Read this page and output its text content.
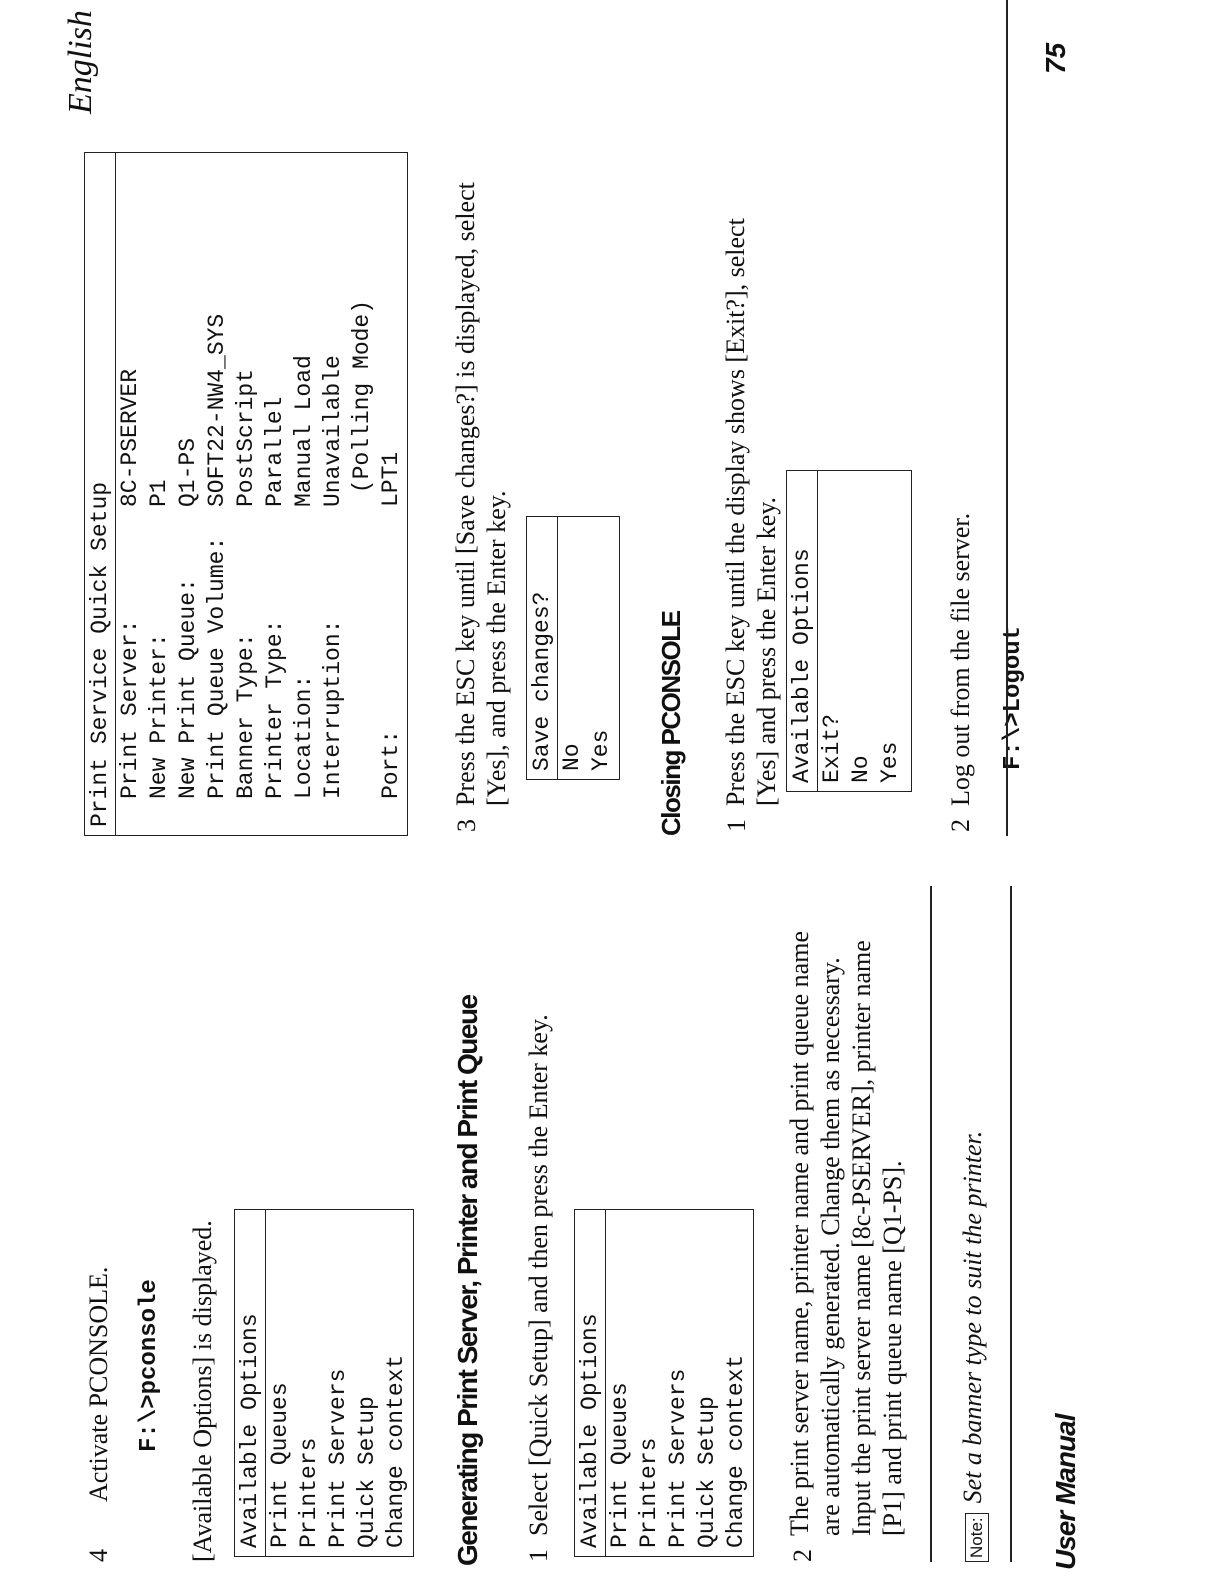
English
4
Activate PCONSOLE. F:\>pconsole [Available Options] is displayed. Available Options Print Queues Printers Print Servers Quick Setup Change context Generating Print Server, Printer and Print Queue 1
Select [Quick Setup] and then press the Enter key. Available Options Print Queues Printers Print Servers Quick Setup Change context
2
The print server name, printer name and print queue name are automatically generated. Change them as necessary. Input the print server name [8c-PSERVER], printer name [P1] and print queue name [Q1-PS].
Note:Set a banner type to suit the printer. User Manual
Print Service Quick Setup Print Server:
8C-PSERVER
New Printer:
P1
New Print Queue:
Q1-PS
Print Queue Volume:
SOFT22-NW4_SYS
Banner Type:
PostScript
Printer Type:
Parallel
Location:
Manual Load
Interruption:
Unavailable (Polling Mode)
Port:
LPT1
3
Press the ESC key until [Save changes?] is displayed, select [Yes], and press the Enter key. Save changes? No Yes Closing PCONSOLE 1
Press the ESC key until the display shows [Exit?], select [Yes] and press the Enter key. Available Options Exit? No Yes
2
Log out from the file server. F:\>Logout
75
